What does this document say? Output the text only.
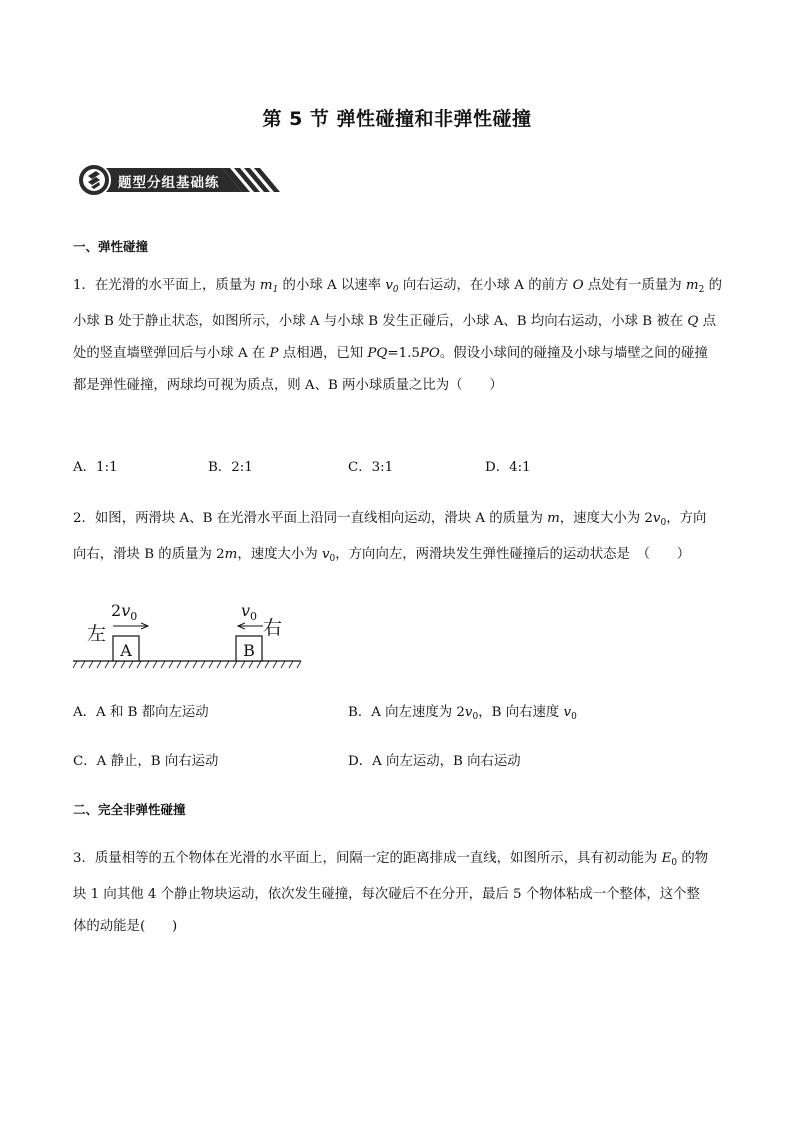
第 5 节 弹性碰撞和非弹性碰撞
题型分组基础练
一、弹性碰撞

1．在光滑的水平面上，质量为 $m_1$ 的小球 A 以速率 $v_0$ 向右运动，在小球 A 的前方 O 点处有一质量为 $m_2$ 的

小球 B 处于静止状态，如图所示，小球 A 与小球 B 发生正碰后，小球 A、B 均向右运动，小球 B 被在 Q 点

处的竖直墙壁弹回后与小球 A 在 P 点相遇，已知 PQ=1.5PO。假设小球间的碰撞及小球与墙壁之间的碰撞

都是弹性碰撞，两球均可视为质点，则 A、B 两小球质量之比为（　　）

A．1:1	B．2:1	C．3:1	D．4:1

2．如图，两滑块 A、B 在光滑水平面上沿同一直线相向运动，滑块 A 的质量为 m，速度大小为 $2v_0$，方向

向右，滑块 B 的质量为 2m，速度大小为 $v_0$，方向向左，两滑块发生弹性碰撞后的运动状态是　（　　）

左	右
A	B
$2v_0$	$v_0$
A．A 和 B 都向左运动	B．A 向左速度为 $2v_0$，B 向右速度 $v_0$
C．A 静止，B 向右运动	D．A 向左运动，B 向右运动
二、完全非弹性碰撞

3．质量相等的五个物体在光滑的水平面上，间隔一定的距离排成一直线，如图所示，具有初动能为 $E_0$ 的物

块 1 向其他 4 个静止物块运动，依次发生碰撞，每次碰后不在分开，最后 5 个物体粘成一个整体，这个整

体的动能是(　　)
